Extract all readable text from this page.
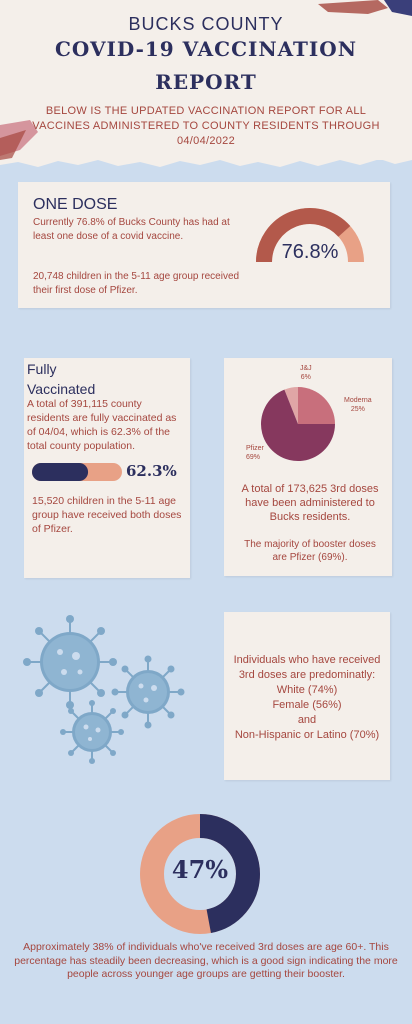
BUCKS COUNTY
COVID-19 VACCINATION
REPORT
BELOW IS THE UPDATED VACCINATION REPORT FOR ALL VACCINES ADMINISTERED TO COUNTY RESIDENTS THROUGH 04/04/2022
ONE DOSE
Currently 76.8% of Bucks County has had at least one dose of a covid vaccine.
20,748 children in the 5-11 age group received their first dose of Pfizer.
76.8%
Fully
Vaccinated
A total of 391,115 county residents are fully vaccinated as of 04/04, which is 62.3% of the total county population.
62.3%
15,520 children in the 5-11 age group have received both doses of Pfizer.
J&J
6%
Moderna
25%
Pfizer
69%
A total of 173,625 3rd doses have been administered to Bucks residents.
The majority of booster doses are Pfizer (69%).
Individuals who have received 3rd doses are predominatly:
White (74%)
Female (56%)
and
Non-Hispanic or Latino (70%)
47%
Approximately 38% of individuals who've received 3rd doses are age 60+. This percentage has steadily been decreasing, which is a good sign indicating the more people across younger age groups are getting their booster.
